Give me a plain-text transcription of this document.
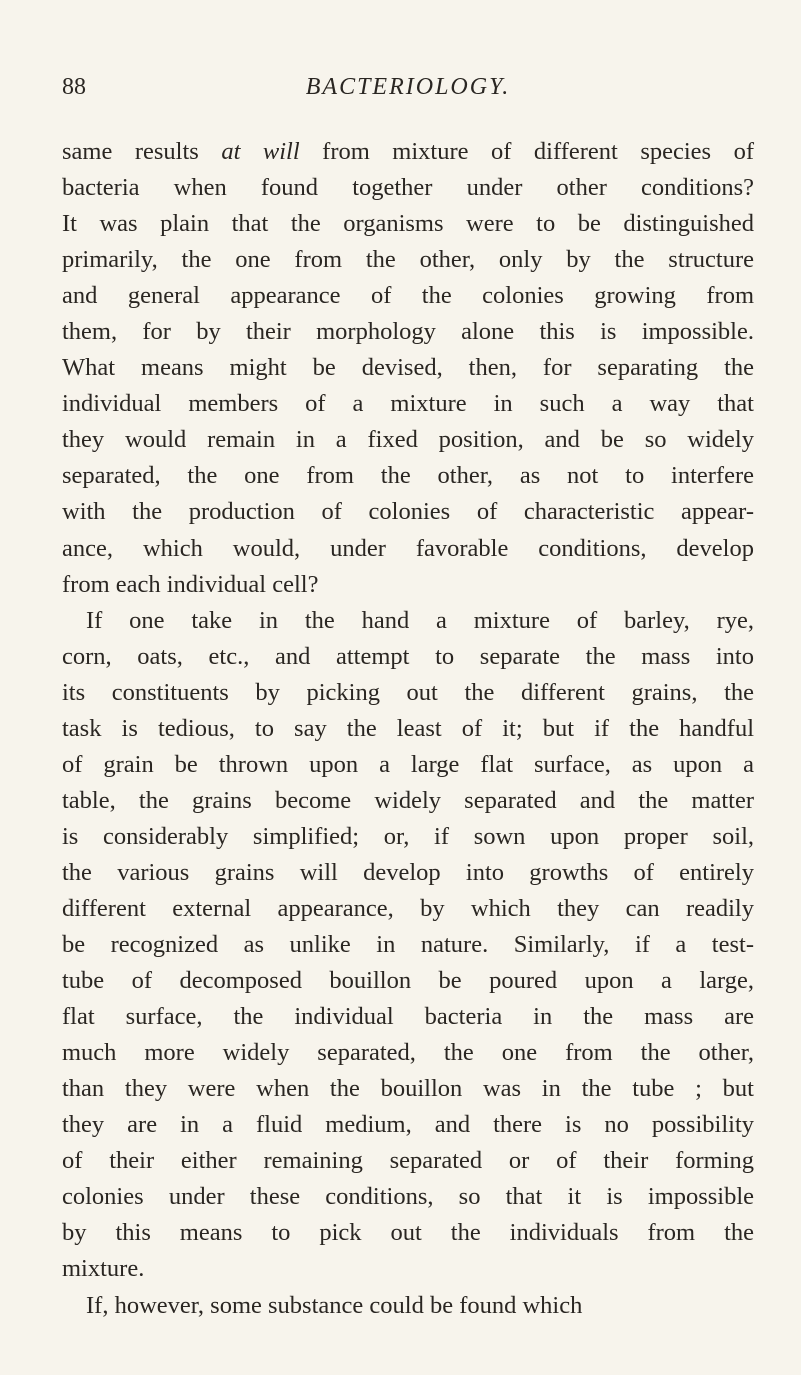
88	BACTERIOLOGY.
same results at will from mixture of different species of
bacteria when found together under other conditions?
It was plain that the organisms were to be distinguished
primarily, the one from the other, only by the structure
and general appearance of the colonies growing from
them, for by their morphology alone this is impossible.
What means might be devised, then, for separating the
individual members of a mixture in such a way that
they would remain in a fixed position, and be so widely
separated, the one from the other, as not to interfere
with the production of colonies of characteristic appear-
ance, which would, under favorable conditions, develop
from each individual cell?
If one take in the hand a mixture of barley, rye,
corn, oats, etc., and attempt to separate the mass into
its constituents by picking out the different grains, the
task is tedious, to say the least of it; but if the handful
of grain be thrown upon a large flat surface, as upon a
table, the grains become widely separated and the matter
is considerably simplified; or, if sown upon proper soil,
the various grains will develop into growths of entirely
different external appearance, by which they can readily
be recognized as unlike in nature. Similarly, if a test-
tube of decomposed bouillon be poured upon a large,
flat surface, the individual bacteria in the mass are
much more widely separated, the one from the other,
than they were when the bouillon was in the tube ; but
they are in a fluid medium, and there is no possibility
of their either remaining separated or of their forming
colonies under these conditions, so that it is impossible
by this means to pick out the individuals from the
mixture.
If, however, some substance could be found which
